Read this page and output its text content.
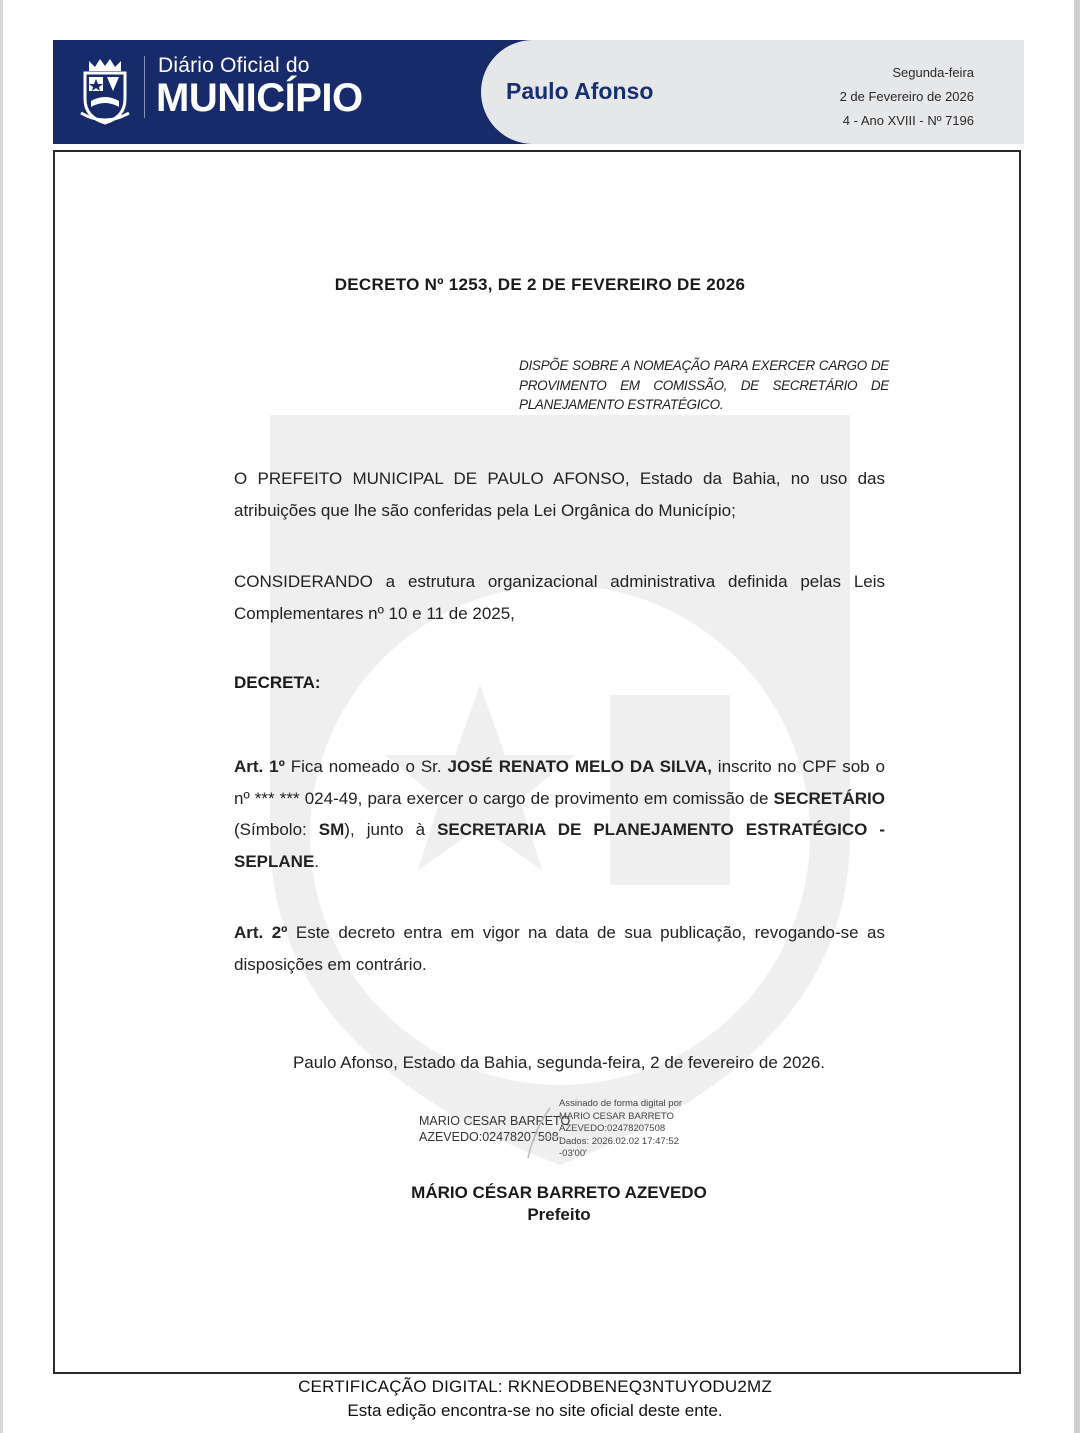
Diário Oficial do
MUNICÍPIO	Paulo Afonso
Segunda-feira
2 de Fevereiro de 2026
4 - Ano XVIII - Nº 7196
DECRETO Nº 1253, DE 2 DE FEVEREIRO DE 2026
DISPÕE SOBRE A NOMEAÇÃO PARA EXERCER CARGO DE PROVIMENTO EM COMISSÃO, DE SECRETÁRIO DE PLANEJAMENTO ESTRATÉGICO.
O PREFEITO MUNICIPAL DE PAULO AFONSO, Estado da Bahia, no uso das atribuições que lhe são conferidas pela Lei Orgânica do Município;
CONSIDERANDO a estrutura organizacional administrativa definida pelas Leis Complementares nº 10 e 11 de 2025,
DECRETA:
Art. 1º Fica nomeado o Sr. JOSÉ RENATO MELO DA SILVA, inscrito no CPF sob o nº *** *** 024-49, para exercer o cargo de provimento em comissão de SECRETÁRIO (Símbolo: SM), junto à SECRETARIA DE PLANEJAMENTO ESTRATÉGICO - SEPLANE.
Art. 2º Este decreto entra em vigor na data de sua publicação, revogando-se as disposições em contrário.
Paulo Afonso, Estado da Bahia, segunda-feira, 2 de fevereiro de 2026.
MARIO CESAR BARRETO
AZEVEDO:02478207508
Assinado de forma digital por
MARIO CESAR BARRETO
AZEVEDO:02478207508
Dados: 2026.02.02 17:47:52
-03'00'
MÁRIO CÉSAR BARRETO AZEVEDO
Prefeito
CERTIFICAÇÃO DIGITAL: RKNEODBENEQ3NTUYODU2MZ
Esta edição encontra-se no site oficial deste ente.
